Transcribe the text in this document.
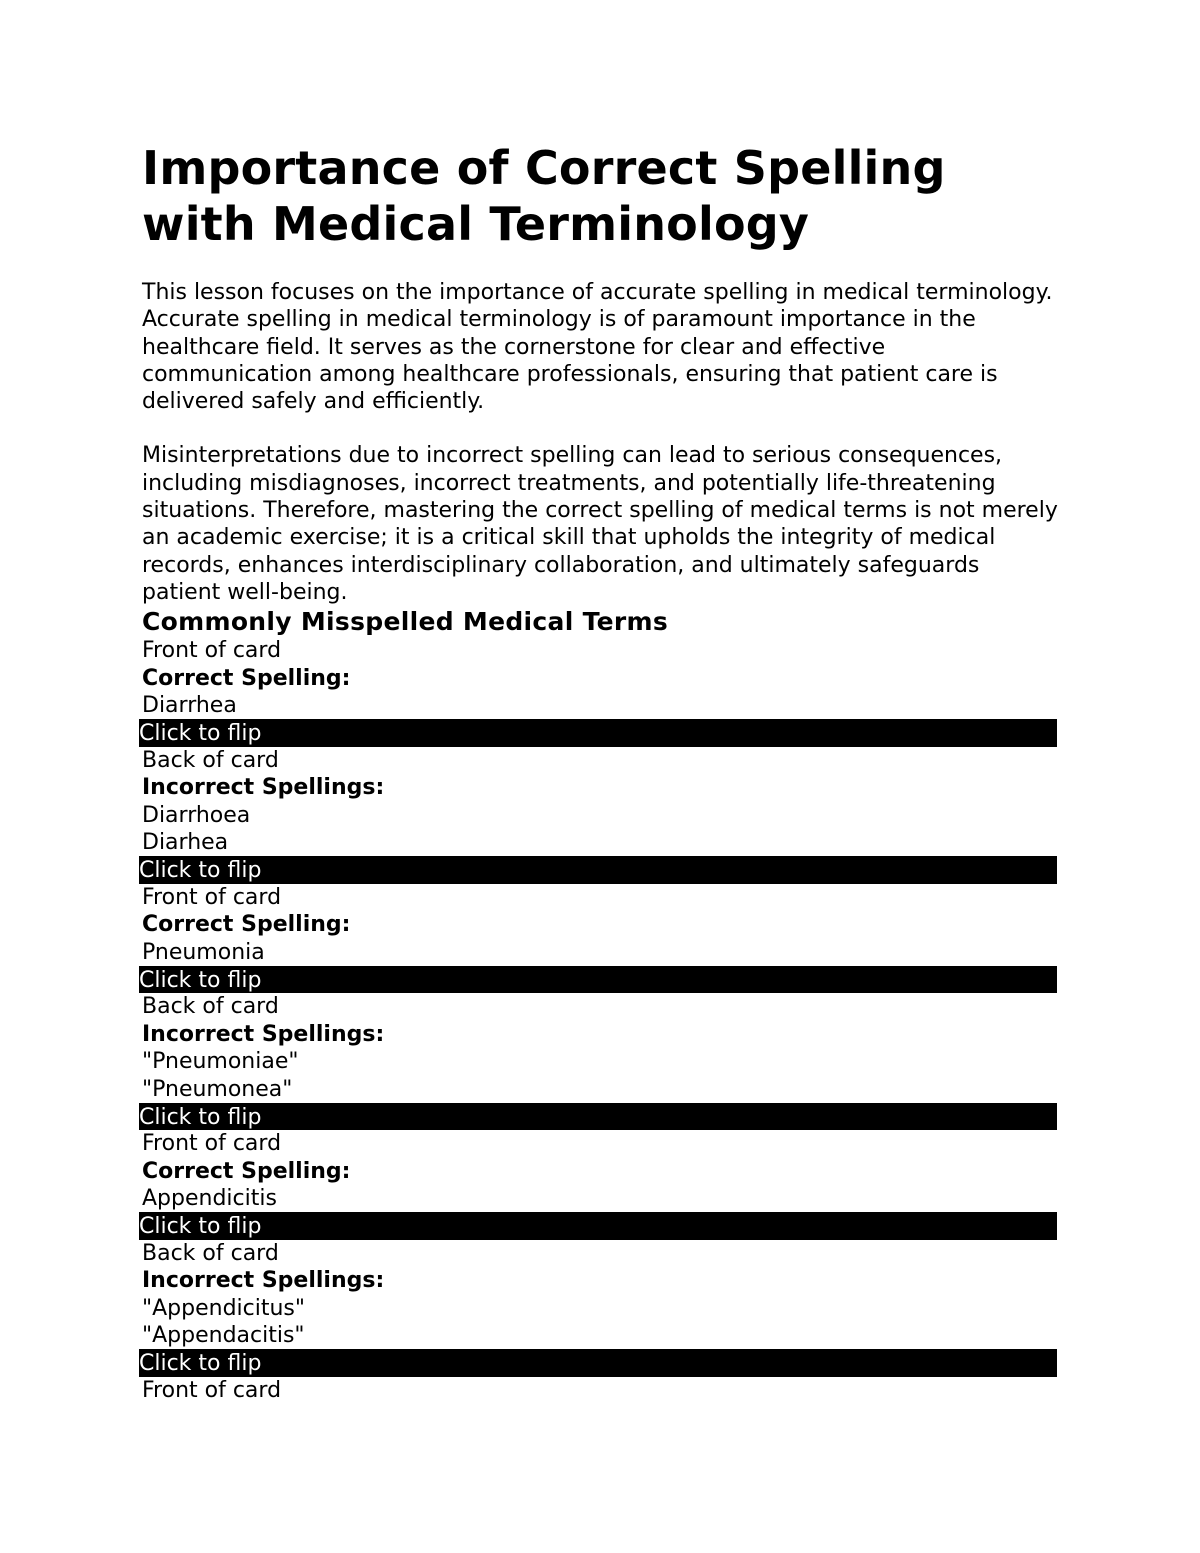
Importance of Correct Spelling with Medical Terminology

This lesson focuses on the importance of accurate spelling in medical terminology. Accurate spelling in medical terminology is of paramount importance in the healthcare field. It serves as the cornerstone for clear and effective communication among healthcare professionals, ensuring that patient care is delivered safely and efficiently.

Misinterpretations due to incorrect spelling can lead to serious consequences, including misdiagnoses, incorrect treatments, and potentially life-threatening situations. Therefore, mastering the correct spelling of medical terms is not merely an academic exercise; it is a critical skill that upholds the integrity of medical records, enhances interdisciplinary collaboration, and ultimately safeguards patient well-being.

Commonly Misspelled Medical Terms
Front of card
Correct Spelling:
Diarrhea
Click to flip
Back of card
Incorrect Spellings:
Diarrhoea
Diarhea
Click to flip
Front of card
Correct Spelling:
Pneumonia
Click to flip
Back of card
Incorrect Spellings:
"Pneumoniae"
"Pneumonea"
Click to flip
Front of card
Correct Spelling:
Appendicitis
Click to flip
Back of card
Incorrect Spellings:
"Appendicitus"
"Appendacitis"
Click to flip
Front of card
